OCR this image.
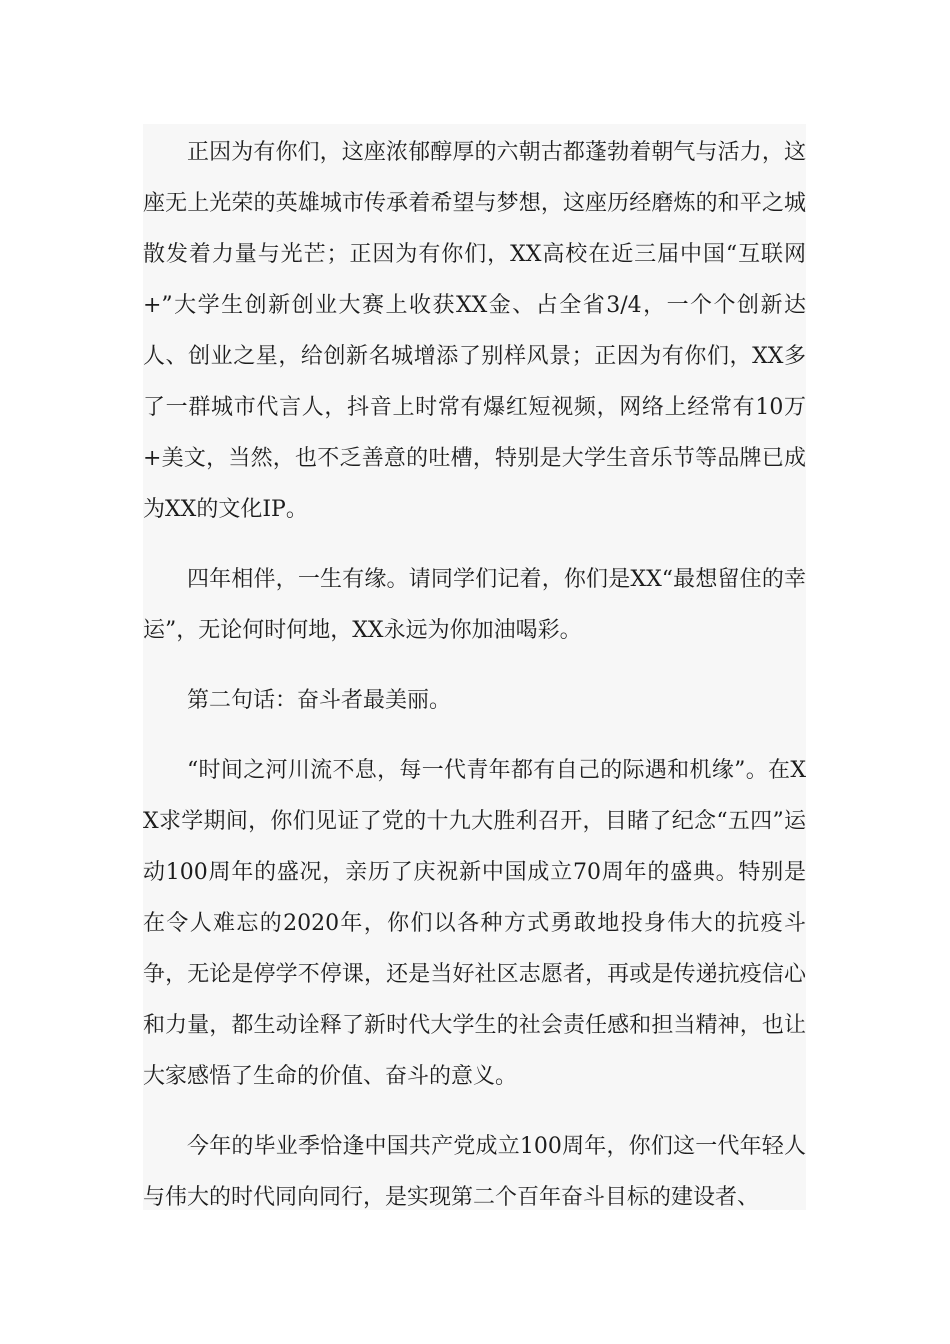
正因为有你们，这座浓郁醇厚的六朝古都蓬勃着朝气与活力，这座无上光荣的英雄城市传承着希望与梦想，这座历经磨炼的和平之城散发着力量与光芒；正因为有你们，XX高校在近三届中国“互联网+”大学生创新创业大赛上收获XX金、占全省3/4，一个个创新达人、创业之星，给创新名城增添了别样风景；正因为有你们，XX多了一群城市代言人，抖音上时常有爆红短视频，网络上经常有10万+美文，当然，也不乏善意的吐槽，特别是大学生音乐节等品牌已成为XX的文化IP。

四年相伴，一生有缘。请同学们记着，你们是XX“最想留住的幸运”，无论何时何地，XX永远为你加油喝彩。

第二句话：奋斗者最美丽。

“时间之河川流不息，每一代青年都有自己的际遇和机缘”。在XX求学期间，你们见证了党的十九大胜利召开，目睹了纪念“五四”运动100周年的盛况，亲历了庆祝新中国成立70周年的盛典。特别是在令人难忘的2020年，你们以各种方式勇敢地投身伟大的抗疫斗争，无论是停学不停课，还是当好社区志愿者，再或是传递抗疫信心和力量，都生动诠释了新时代大学生的社会责任感和担当精神，也让大家感悟了生命的价值、奋斗的意义。

今年的毕业季恰逢中国共产党成立100周年，你们这一代年轻人与伟大的时代同向同行，是实现第二个百年奋斗目标的建设者、
